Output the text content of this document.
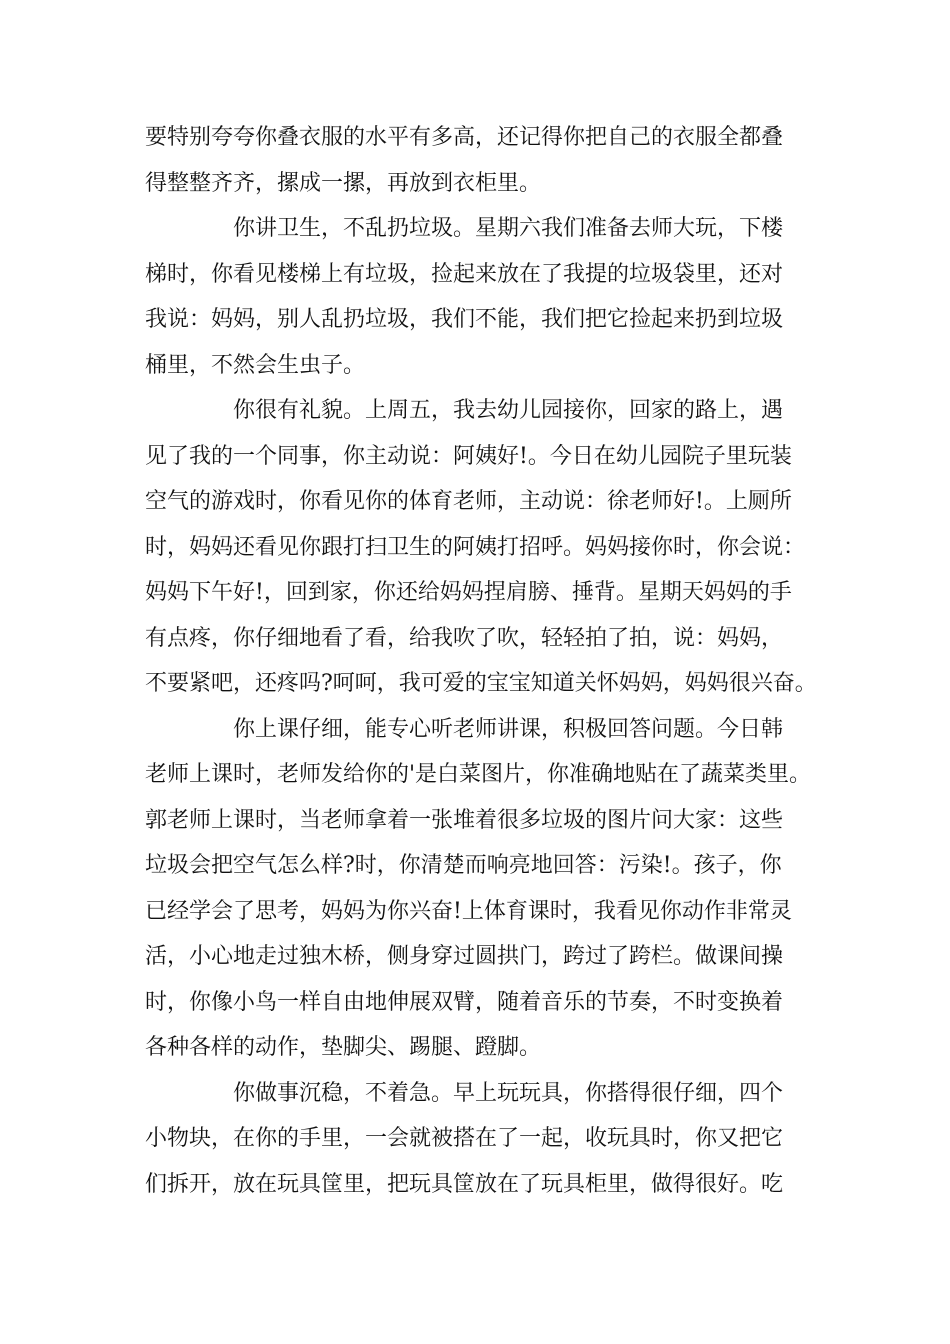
要特别夸夸你叠衣服的水平有多高，还记得你把自己的衣服全都叠
得整整齐齐，摞成一摞，再放到衣柜里。
你讲卫生，不乱扔垃圾。星期六我们准备去师大玩，下楼
梯时，你看见楼梯上有垃圾，捡起来放在了我提的垃圾袋里，还对
我说：妈妈，别人乱扔垃圾，我们不能，我们把它捡起来扔到垃圾
桶里，不然会生虫子。
你很有礼貌。上周五，我去幼儿园接你，回家的路上，遇
见了我的一个同事，你主动说：阿姨好!。今日在幼儿园院子里玩装
空气的游戏时，你看见你的体育老师，主动说：徐老师好!。上厕所
时，妈妈还看见你跟打扫卫生的阿姨打招呼。妈妈接你时，你会说：
妈妈下午好!，回到家，你还给妈妈捏肩膀、捶背。星期天妈妈的手
有点疼，你仔细地看了看，给我吹了吹，轻轻拍了拍，说：妈妈，
不要紧吧，还疼吗?呵呵，我可爱的宝宝知道关怀妈妈，妈妈很兴奋。
你上课仔细，能专心听老师讲课，积极回答问题。今日韩
老师上课时，老师发给你的'是白菜图片，你准确地贴在了蔬菜类里。
郭老师上课时，当老师拿着一张堆着很多垃圾的图片问大家：这些
垃圾会把空气怎么样?时，你清楚而响亮地回答：污染!。孩子，你
已经学会了思考，妈妈为你兴奋!上体育课时，我看见你动作非常灵
活，小心地走过独木桥，侧身穿过圆拱门，跨过了跨栏。做课间操
时，你像小鸟一样自由地伸展双臂，随着音乐的节奏，不时变换着
各种各样的动作，垫脚尖、踢腿、蹬脚。
你做事沉稳，不着急。早上玩玩具，你搭得很仔细，四个
小物块，在你的手里，一会就被搭在了一起，收玩具时，你又把它
们拆开，放在玩具筐里，把玩具筐放在了玩具柜里，做得很好。吃
